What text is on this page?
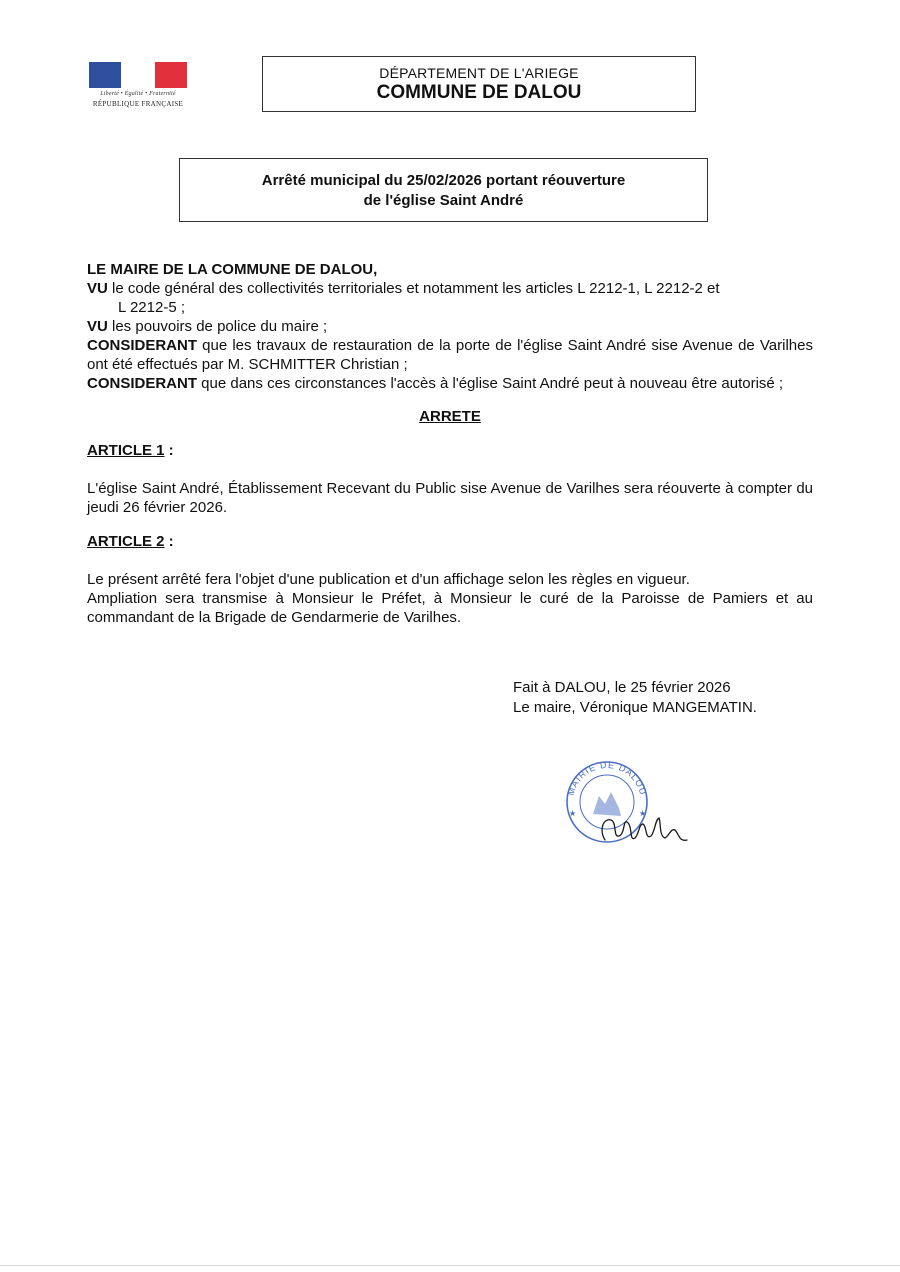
Liberté • Égalité • Fraternité
RÉPUBLIQUE FRANÇAISE
DÉPARTEMENT DE L'ARIEGE
COMMUNE DE DALOU
Arrêté municipal du 25/02/2026 portant réouverture
de l'église Saint André

LE MAIRE DE LA COMMUNE DE DALOU,

VU le code général des collectivités territoriales et notamment les articles L 2212-1, L 2212-2 et

L 2212-5 ;

VU les pouvoirs de police du maire ;

CONSIDERANT que les travaux de restauration de la porte de l'église Saint André sise Avenue de Varilhes ont été effectués par M. SCHMITTER Christian ;

CONSIDERANT que dans ces circonstances l'accès à l'église Saint André peut à nouveau être autorisé ;

ARRETE

ARTICLE 1 :

L'église Saint André, Établissement Recevant du Public sise Avenue de Varilhes sera réouverte à compter du jeudi 26 février 2026.

ARTICLE 2 :

Le présent arrêté fera l'objet d'une publication et d'un affichage selon les règles en vigueur.

Ampliation sera transmise à Monsieur le Préfet, à Monsieur le curé de la Paroisse de Pamiers et au commandant de la Brigade de Gendarmerie de Varilhes.

Fait à DALOU, le 25 février 2026
Le maire, Véronique MANGEMATIN.
MAIRIE DE DALOU
★	★
